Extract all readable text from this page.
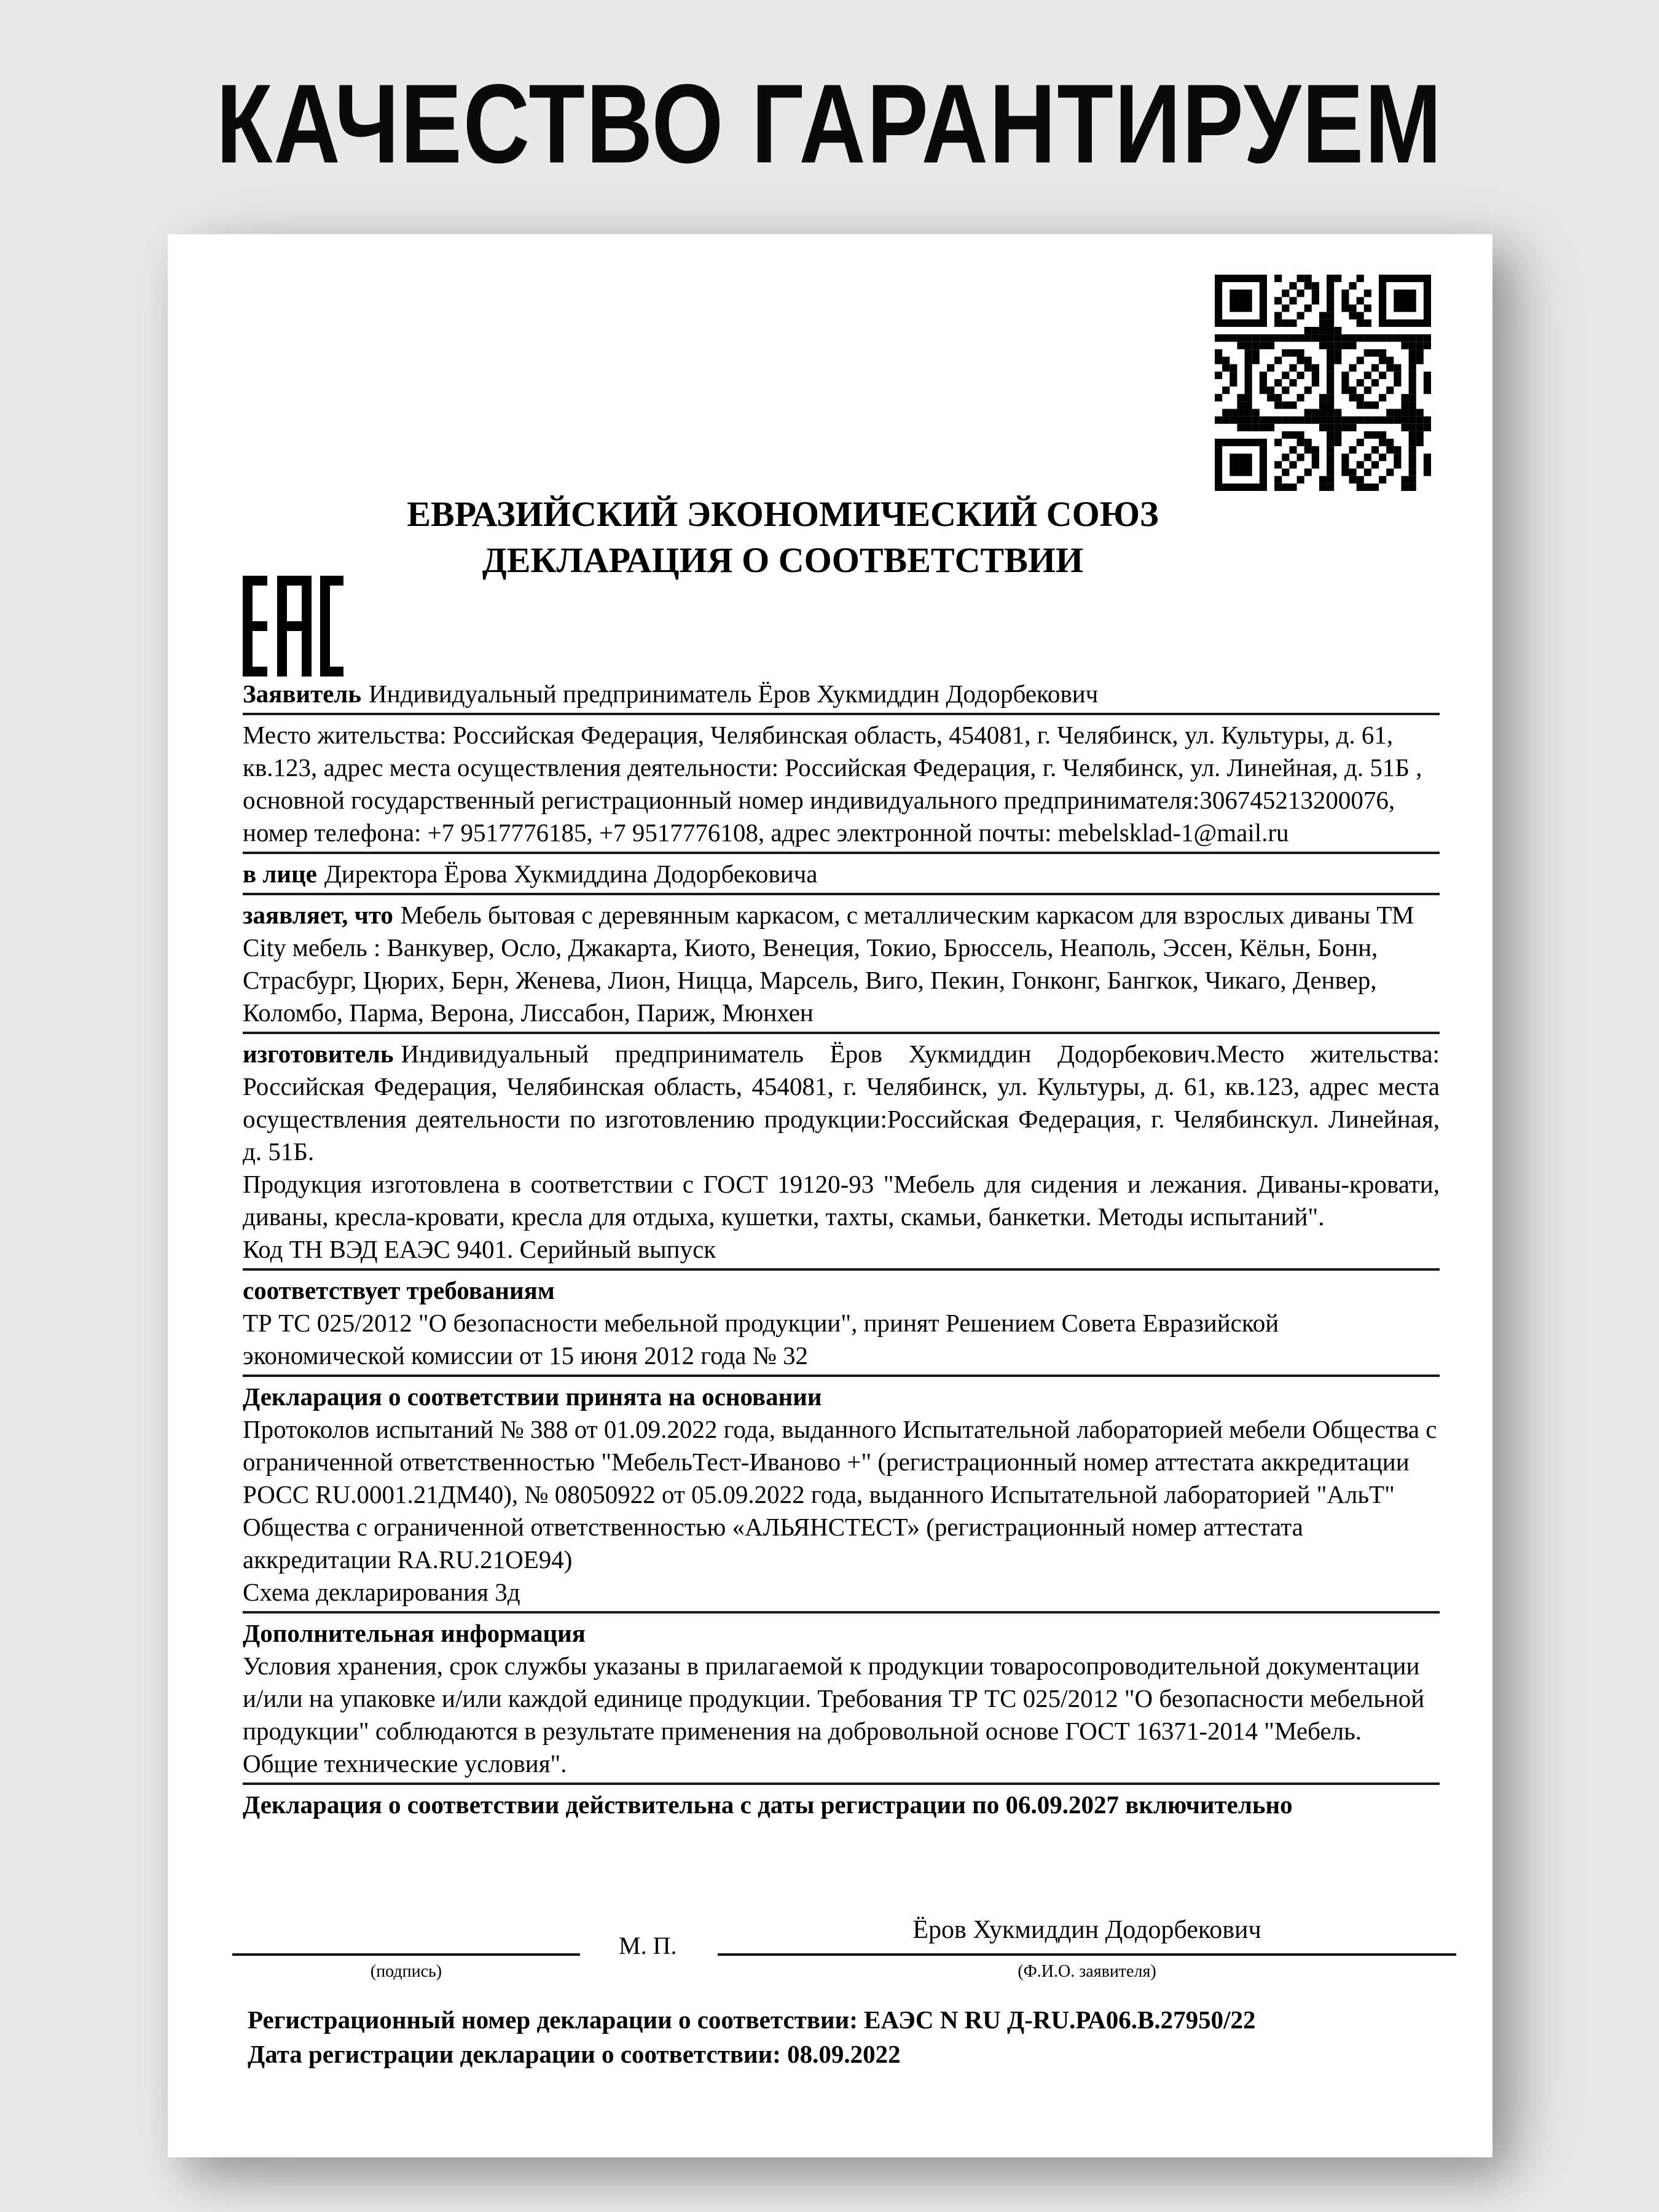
КАЧЕСТВО ГАРАНТИРУЕМ
ЕВРАЗИЙСКИЙ ЭКОНОМИЧЕСКИЙ СОЮЗ
ДЕКЛАРАЦИЯ О СООТВЕТСТВИИ

Заявитель Индивидуальный предприниматель Ёров Хукмиддин Додорбекович

Место жительства: Российская Федерация, Челябинская область, 454081, г. Челябинск, ул. Культуры, д. 61, кв.123, адрес места осуществления деятельности: Российская Федерация, г. Челябинск, ул. Линейная, д. 51Б , основной государственный регистрационный номер индивидуального предпринимателя:306745213200076, номер телефона: +7 9517776185, +7 9517776108, адрес электронной почты: mebelsklad-1@mail.ru

в лице Директора Ёрова Хукмиддина Додорбековича

заявляет, что Мебель бытовая с деревянным каркасом, с металлическим каркасом для взрослых диваны ТМ City мебель : Ванкувер, Осло, Джакарта, Киото, Венеция, Токио, Брюссель, Неаполь, Эссен, Кёльн, Бонн, Страсбург, Цюрих, Берн, Женева, Лион, Ницца, Марсель, Виго, Пекин, Гонконг, Бангкок, Чикаго, Денвер, Коломбо, Парма, Верона, Лиссабон, Париж, Мюнхен

изготовитель Индивидуальный предприниматель Ёров Хукмиддин Додорбекович.Место жительства: Российская Федерация, Челябинская область, 454081, г. Челябинск, ул. Культуры, д. 61, кв.123, адрес места осуществления деятельности по изготовлению продукции:Российская Федерация, г. Челябинскул. Линейная, д. 51Б.

Продукция изготовлена в соответствии с ГОСТ 19120-93 "Мебель для сидения и лежания. Диваны-кровати, диваны, кресла-кровати, кресла для отдыха, кушетки, тахты, скамьи, банкетки. Методы испытаний".

Код ТН ВЭД ЕАЭС 9401. Серийный выпуск

соответствует требованиям

ТР ТС 025/2012 "О безопасности мебельной продукции", принят Решением Совета Евразийской экономической комиссии от 15 июня 2012 года № 32

Декларация о соответствии принята на основании

Протоколов испытаний № 388 от 01.09.2022 года, выданного Испытательной лабораторией мебели Общества с ограниченной ответственностью "МебельТест-Иваново +" (регистрационный номер аттестата аккредитации РОСС RU.0001.21ДМ40), № 08050922 от 05.09.2022 года, выданного Испытательной лабораторией "АльТ" Общества с ограниченной ответственностью «АЛЬЯНСТЕСТ» (регистрационный номер аттестата аккредитации RA.RU.21OE94)

Схема декларирования 3д

Дополнительная информация

Условия хранения, срок службы указаны в прилагаемой к продукции товаросопроводительной документации и/или на упаковке и/или каждой единице продукции. Требования ТР ТС 025/2012 "О безопасности мебельной продукции" соблюдаются в результате применения на добровольной основе ГОСТ 16371-2014 "Мебель. Общие технические условия".

Декларация о соответствии действительна с даты регистрации по 06.09.2027 включительно

Ёров Хукмиддин Додорбекович
М. П.
(подпись)	(Ф.И.О. заявителя)
Регистрационный номер декларации о соответствии: ЕАЭС N RU Д-RU.РА06.В.27950/22
Дата регистрации декларации о соответствии: 08.09.2022
